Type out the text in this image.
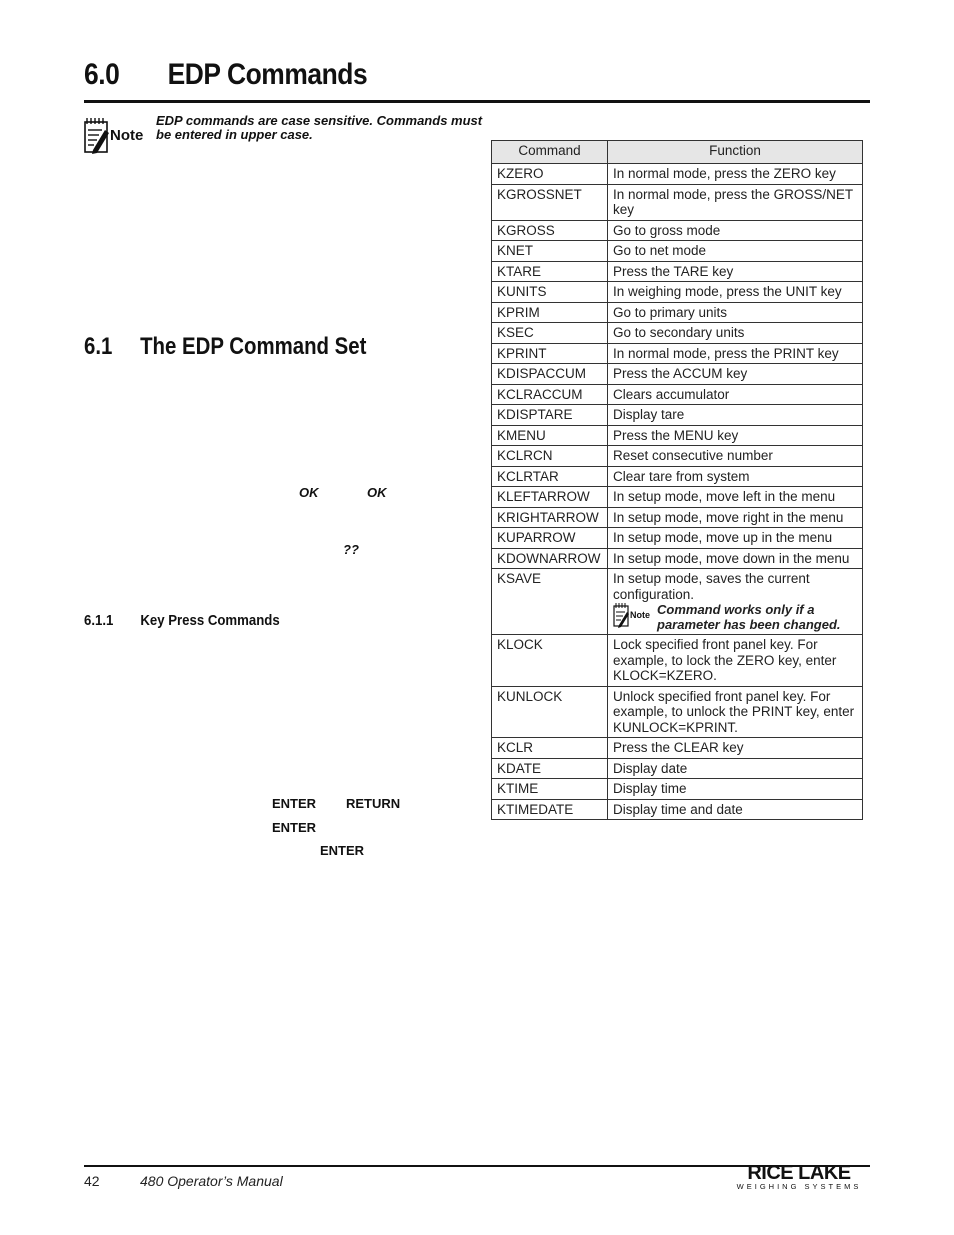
6.0 EDP Commands
Note
EDP commands are case sensitive. Commands must be entered in upper case.
6.1 The EDP Command Set
OK	OK
??
6.1.1 Key Press Commands
ENTER RETURN
ENTER
ENTER
Command	Function
KZERO	In normal mode, press the ZERO key
KGROSSNET	In normal mode, press the GROSS/NET key
KGROSS	Go to gross mode
KNET	Go to net mode
KTARE	Press the TARE key
KUNITS	In weighing mode, press the UNIT key
KPRIM	Go to primary units
KSEC	Go to secondary units
KPRINT	In normal mode, press the PRINT key
KDISPACCUM	Press the ACCUM key
KCLRACCUM	Clears accumulator
KDISPTARE	Display tare
KMENU	Press the MENU key
KCLRCN	Reset consecutive number
KCLRTAR	Clear tare from system
KLEFTARROW	In setup mode, move left in the menu
KRIGHTARROW	In setup mode, move right in the menu
KUPARROW	In setup mode, move up in the menu
KDOWNARROW	In setup mode, move down in the menu
KSAVE	In setup mode, saves the current configuration.
Note Command works only if a parameter has been changed.

KLOCK	Lock specified front panel key. For example, to lock the ZERO key, enter KLOCK=KZERO.
KUNLOCK	Unlock specified front panel key. For example, to unlock the PRINT key, enter KUNLOCK=KPRINT.
KCLR	Press the CLEAR key
KDATE	Display date
KTIME	Display time
KTIMEDATE	Display time and date
42	480 Operator’s Manual	RICE LAKE
WEIGHING SYSTEMS
